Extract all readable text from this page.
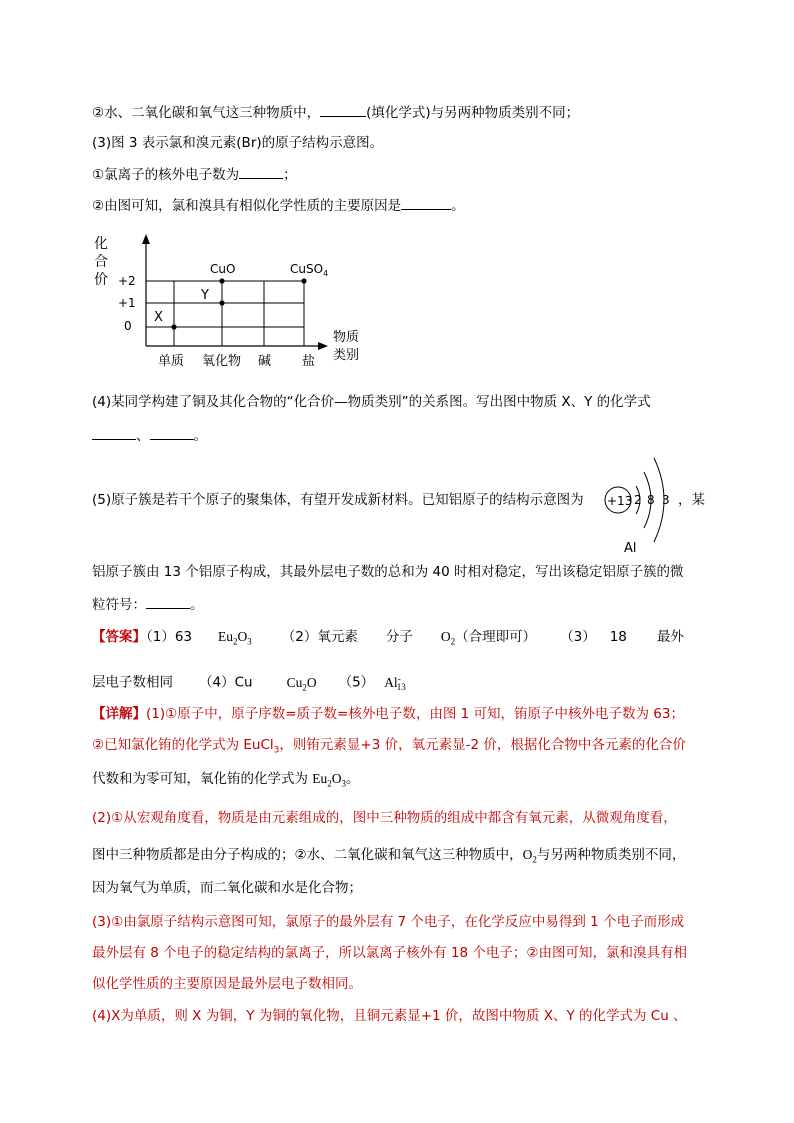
②水、二氧化碳和氧气这三种物质中，	(填化学式)与另两种物质类别不同；
(3)图 3 表示氯和溴元素(Br)的原子结构示意图。
①氯离子的核外电子数为	；
②由图可知，氯和溴具有相似化学性质的主要原因是	。
化
合
价 +2
+1
0
X
Y
CuO	CuSO$_4$
单质 氧化物 碱 盐
物质
类别
(4)某同学构建了铜及其化合物的“化合价—物质类别”的关系图。写出图中物质 X、Y 的化学式
、	。
(5)原子簇是若干个原子的聚集体，有望开发成新材料。已知铝原子的结构示意图为	，某
+13 2 8 3
Al
铝原子簇由 13 个铝原子构成，其最外层电子数的总和为 40 时相对稳定，写出该稳定铝原子簇的微
粒符号：	。
【答案】（1）63 $Eu_2O_3$ （2）氧元素 分子 $O_2$（合理即可） （3） 18 最外
层电子数相同 （4）Cu	$Cu_2O$ （5） $Al^-_{13}$
【详解】(1)①原子中，原子序数=质子数=核外电子数，由图 1 可知，铕原子中核外电子数为 63；
②已知氯化铕的化学式为 EuCl$_3$，则铕元素显+3 价，氧元素显-2 价，根据化合物中各元素的化合价
代数和为零可知，氧化铕的化学式为 $Eu_2O_3$。
(2)①从宏观角度看，物质是由元素组成的，图中三种物质的组成中都含有氧元素，从微观角度看，
图中三种物质都是由分子构成的；②水、二氧化碳和氧气这三种物质中，$O_2$与另两种物质类别不同，
因为氧气为单质，而二氧化碳和水是化合物；
(3)①由氯原子结构示意图可知，氯原子的最外层有 7 个电子，在化学反应中易得到 1 个电子而形成
最外层有 8 个电子的稳定结构的氯离子，所以氯离子核外有 18 个电子；②由图可知，氯和溴具有相
似化学性质的主要原因是最外层电子数相同。
(4)X为单质，则 X 为铜，Y 为铜的氧化物，且铜元素显+1 价，故图中物质 X、Y 的化学式为 Cu 、
